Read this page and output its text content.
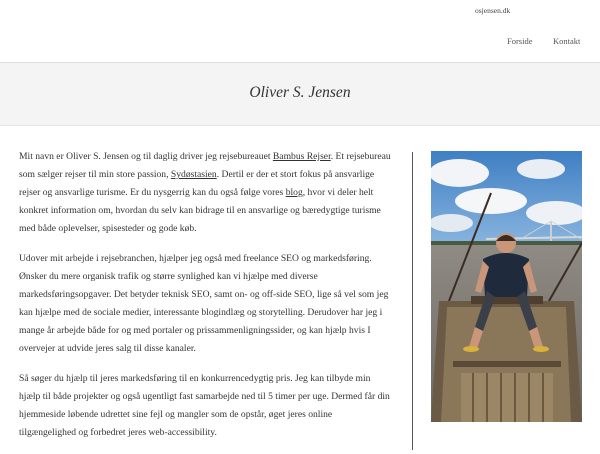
osjensen.dk
Forside Kontakt
Oliver S. Jensen

Mit navn er Oliver S. Jensen og til daglig driver jeg rejsebureauet Bambus Rejser. Et rejsebureau som sælger rejser til min store passion, Sydøstasien. Dertil er der et stort fokus på ansvarlige rejser og ansvarlige turisme. Er du nysgerrig kan du også følge vores blog, hvor vi deler helt konkret information om, hvordan du selv kan bidrage til en ansvarlige og bæredygtige turisme med både oplevelser, spisesteder og gode køb.

Udover mit arbejde i rejsebranchen, hjælper jeg også med freelance SEO og markedsføring. Ønsker du mere organisk trafik og større synlighed kan vi hjælpe med diverse markedsføringsopgaver. Det betyder teknisk SEO, samt on- og off-side SEO, lige så vel som jeg kan hjælpe med de sociale medier, interessante blogindlæg og storytelling. Derudover har jeg i mange år arbejde både for og med portaler og prissammenligningssider, og kan hjælp hvis I overvejer at udvide jeres salg til disse kanaler.

Så søger du hjælp til jeres markedsføring til en konkurrencedygtig pris. Jeg kan tilbyde min hjælp til både projekter og også ugentligt fast samarbejde ned til 5 timer per uge. Dermed får din hjemmeside løbende udrettet sine fejl og mangler som de opstår, øget jeres online tilgængelighed og forbedret jeres web-accessibility.
